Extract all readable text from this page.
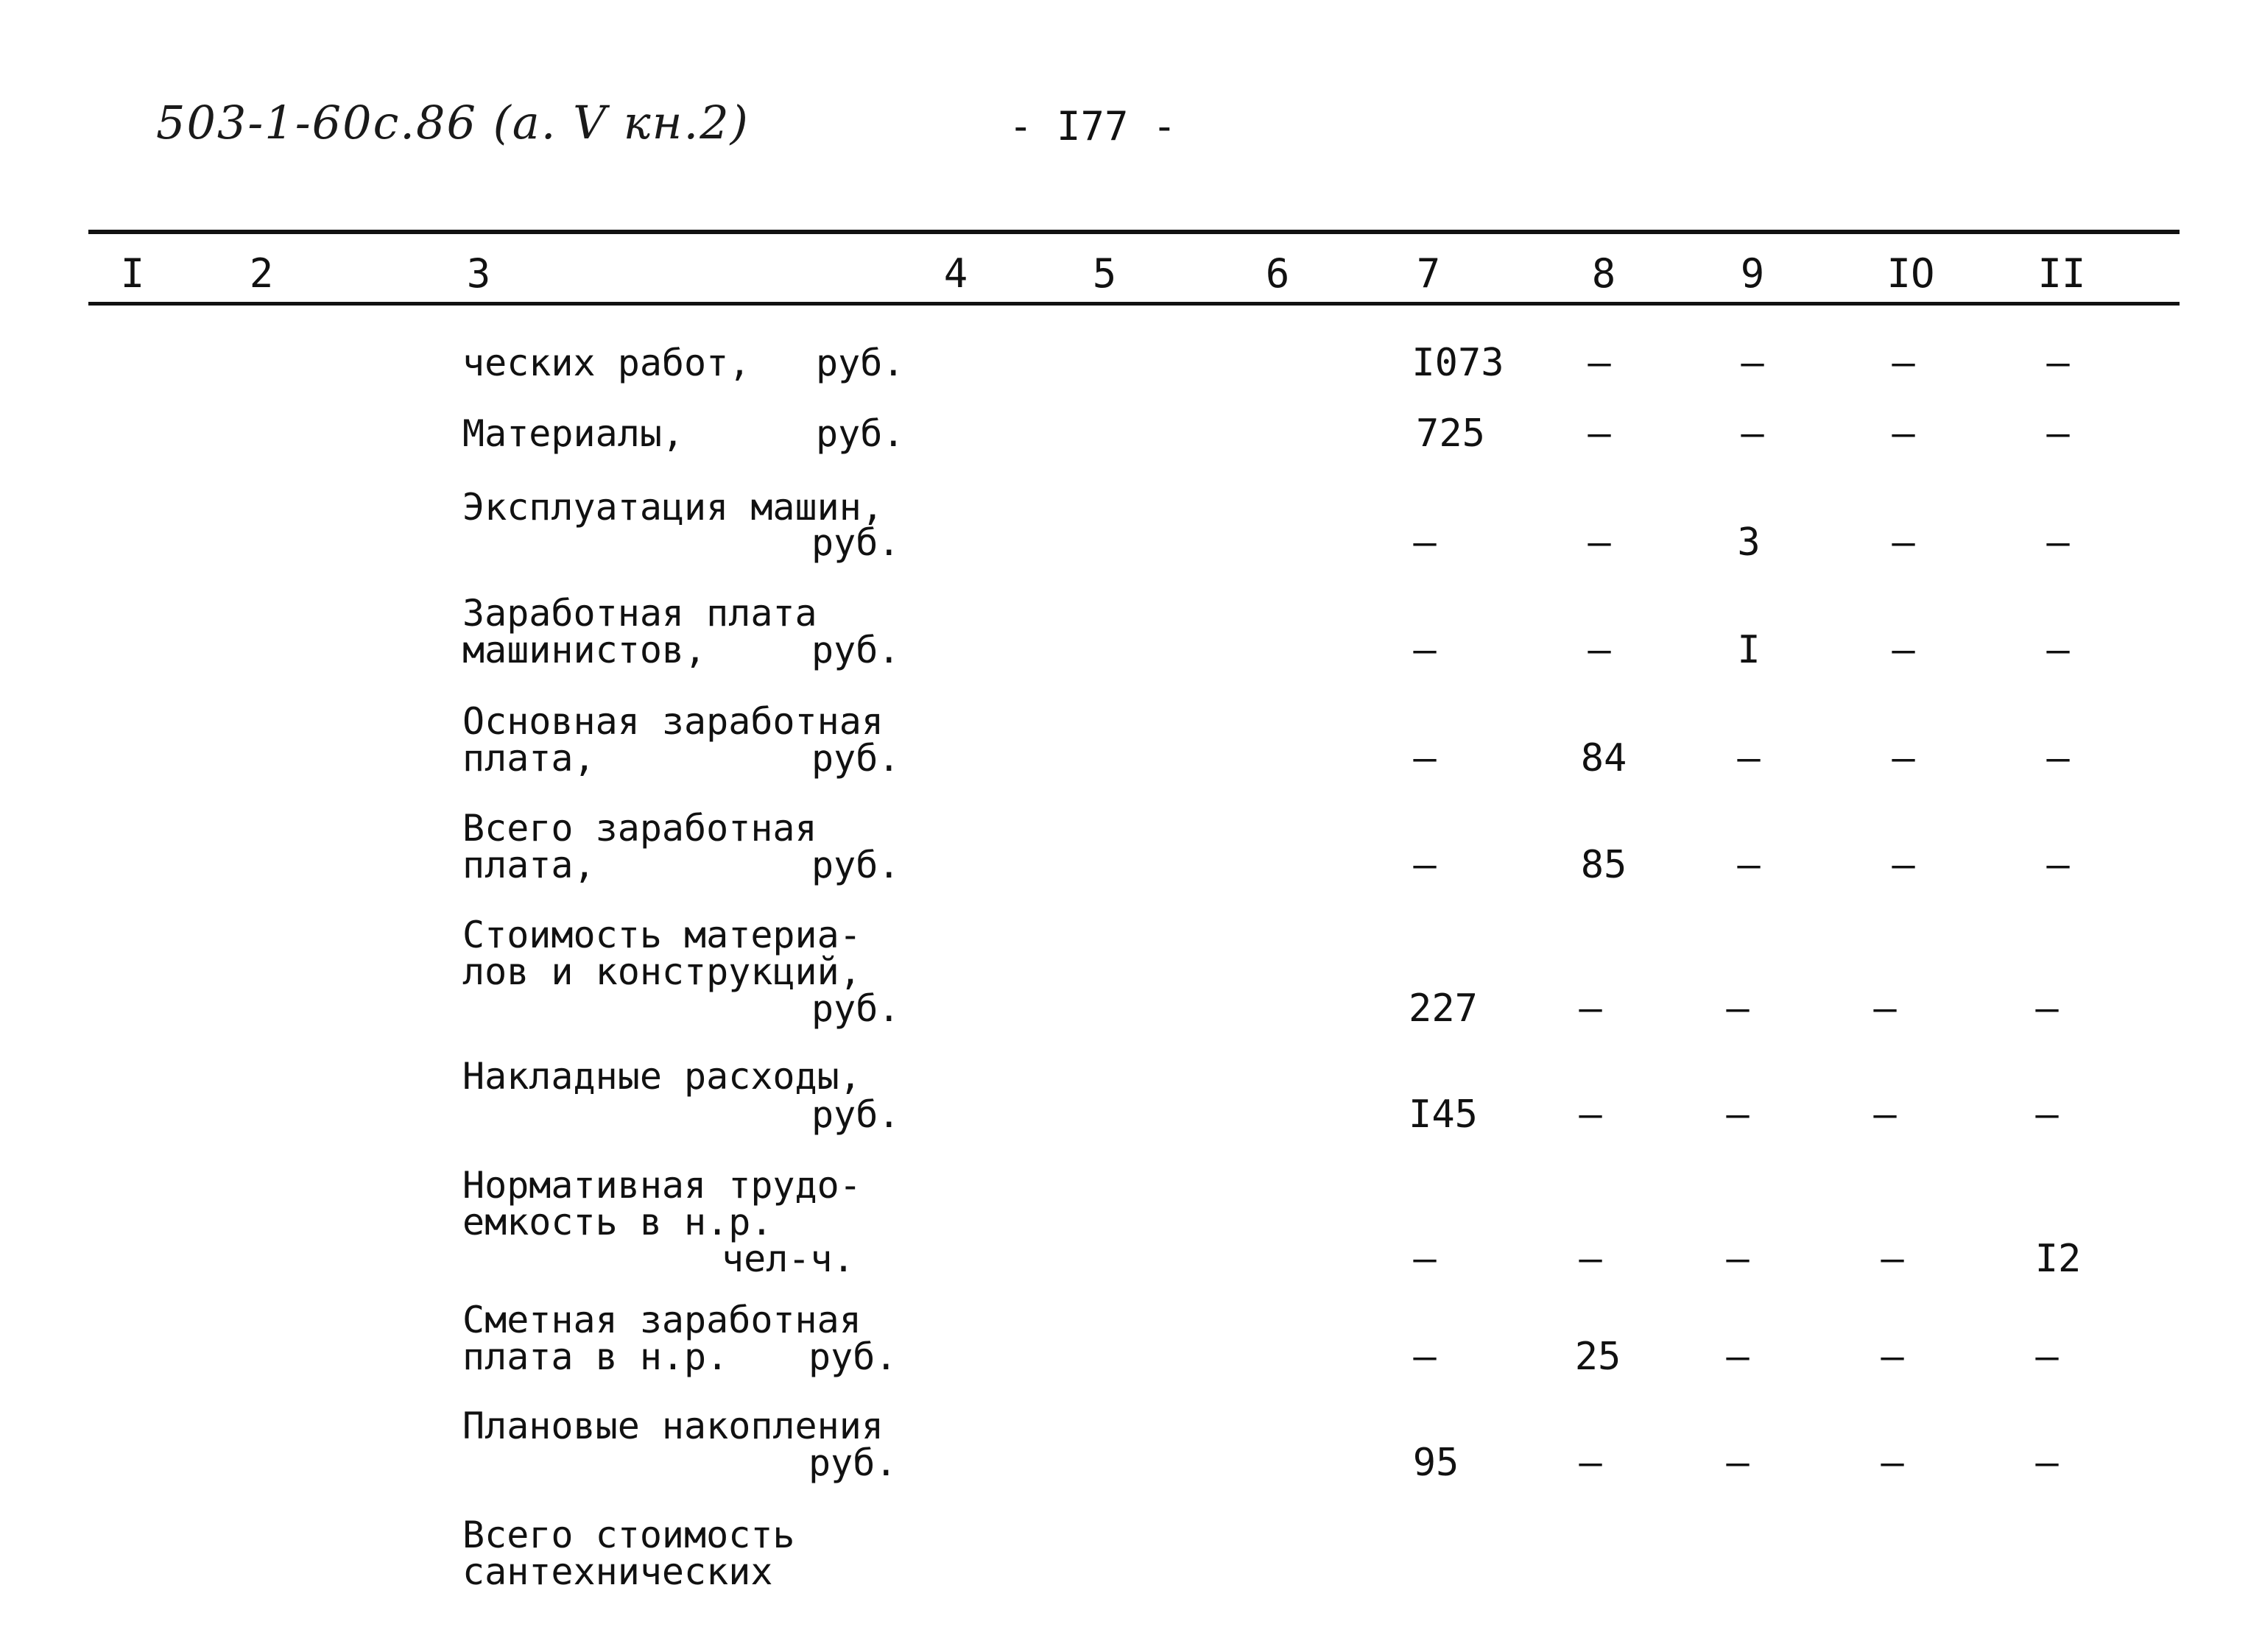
503-1-60с.86 (а. V кн.2)	- I77 -
I	2	3	4	5	6	7	8	9	IO	II
ческих работ,	руб.	I073	–	–	–	–
Материалы,	руб.	725	–	–	–	–
Эксплуатация машин,
руб.	–	–	3	–	–
Заработная плата
машинистов,	руб.	–	–	I	–	–
Основная заработная
плата,	руб.	–	84	–	–	–
Всего заработная
плата,	руб.	–	85	–	–	–
Стоимость материа-
лов и конструкций,
руб.	227	–	–	–	–
Накладные расходы,
руб.	I45	–	–	–	–
Нормативная трудо-
емкость в н.р.
чел-ч.	–	–	–	–	I2
Сметная заработная
плата в н.р.	руб.	–	25	–	–	–
Плановые накопления
руб.	95	–	–	–	–
Всего стоимость
сантехнических
